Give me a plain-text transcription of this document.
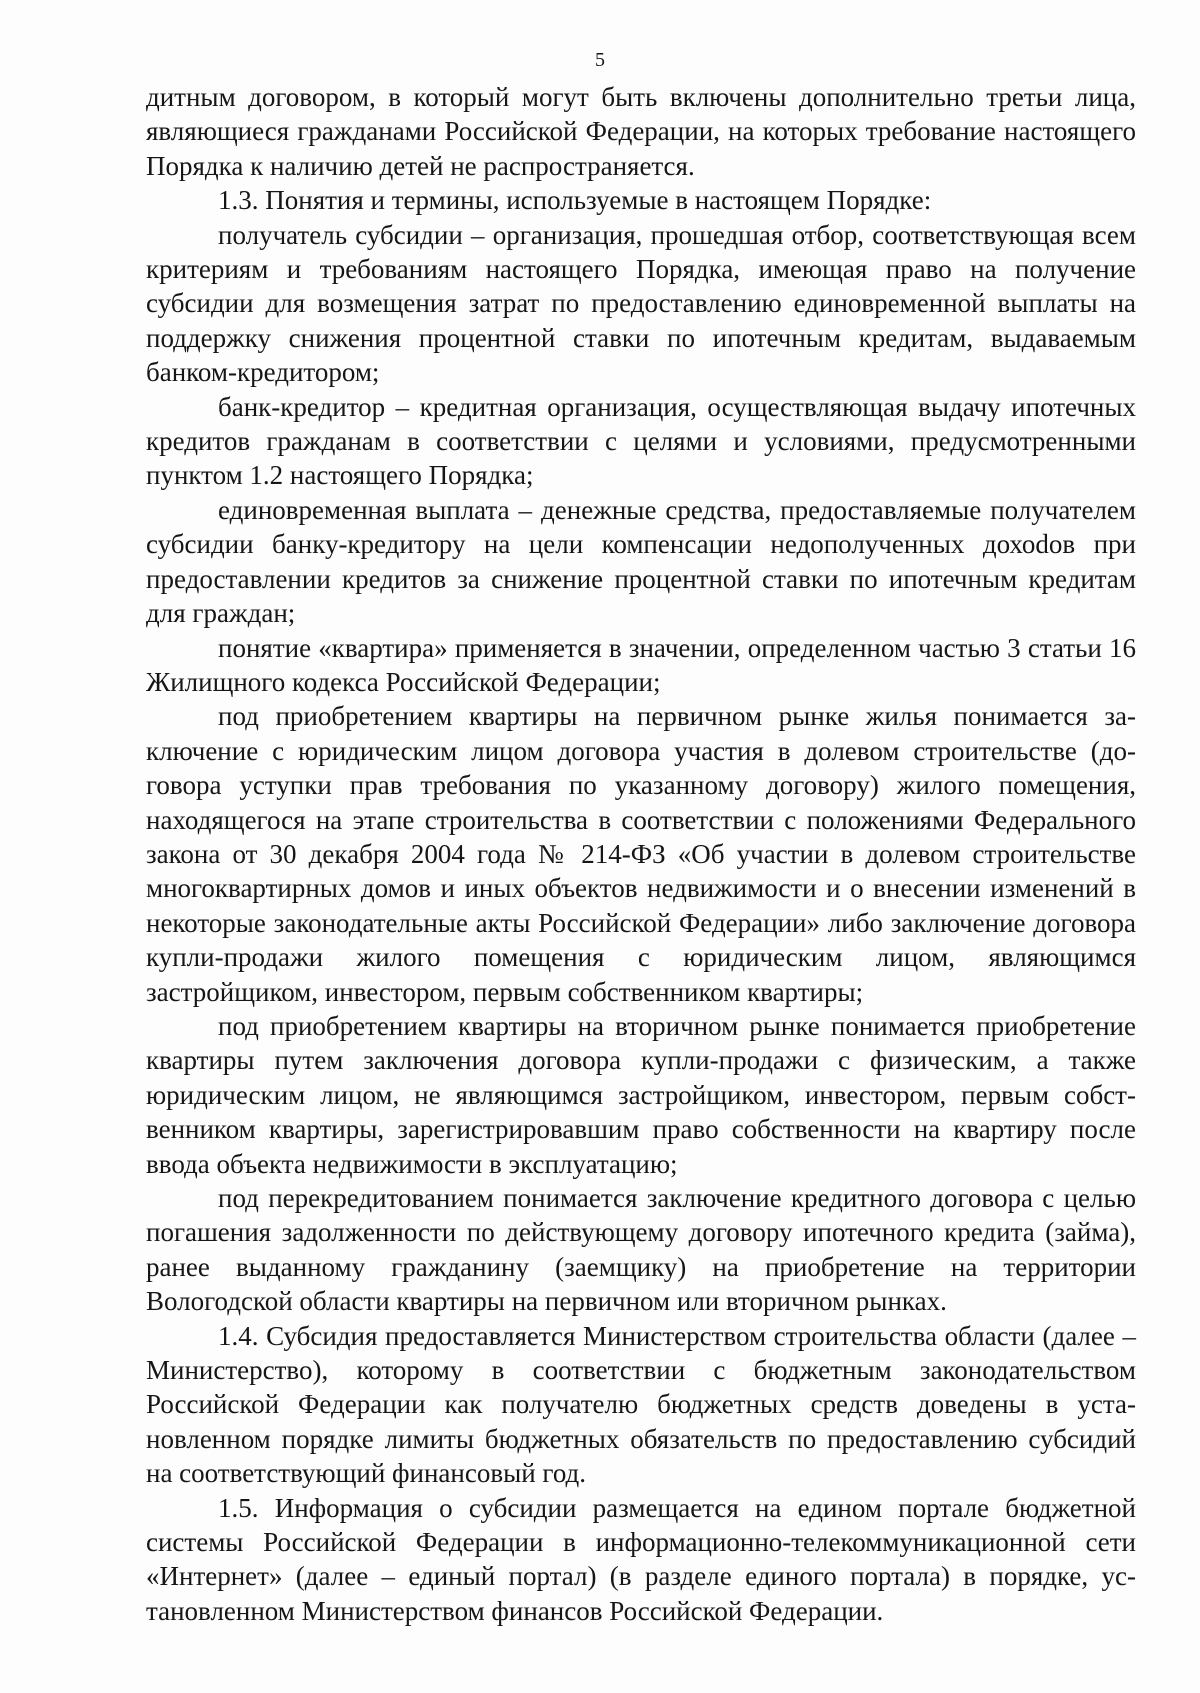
5

дитным договором, в который могут быть включены дополнительно третьи лица, являющиеся гражданами Российской Федерации, на которых требование настоящего Порядка к наличию детей не распространяется.

1.3. Понятия и термины, используемые в настоящем Порядке:

получатель субсидии – организация, прошедшая отбор, соответствующая всем критериям и требованиям настоящего Порядка, имеющая право на получение субсидии для возмещения затрат по предоставлению единовременной выплаты на поддержку снижения процентной ставки по ипотечным кредитам, выдаваемым банком-кредитором;

банк-кредитор – кредитная организация, осуществляющая выдачу ипотечных кредитов гражданам в соответствии с целями и условиями, предусмотренными пунктом 1.2 настоящего Порядка;

единовременная выплата – денежные средства, предоставляемые получателем субсидии банку-кредитору на цели компенсации недополученных дохоdов при предоставлении кредитов за снижение процентной ставки по ипотечным кредитам для граждан;

понятие «квартира» применяется в значении, определенном частью 3 статьи 16 Жилищного кодекса Российской Федерации;

под приобретением квартиры на первичном рынке жилья понимается заключение с юридическим лицом договора участия в долевом строительстве (договора уступки прав требования по указанному договору) жилого помещения, находящегося на этапе строительства в соответствии с положениями Федерального закона от 30 декабря 2004 года № 214-ФЗ «Об участии в долевом строительстве многоквартирных домов и иных объектов недвижимости и о внесении изменений в некоторые законодательные акты Российской Федерации» либо заключение договора купли-продажи жилого помещения с юридическим лицом, являющимся застройщиком, инвестором, первым собственником квартиры;

под приобретением квартиры на вторичном рынке понимается приобретение квартиры путем заключения договора купли-продажи с физическим, а также юридическим лицом, не являющимся застройщиком, инвестором, первым собственником квартиры, зарегистрировавшим право собственности на квартиру после ввода объекта недвижимости в эксплуатацию;

под перекредитованием понимается заключение кредитного договора с целью погашения задолженности по действующему договору ипотечного кредита (займа), ранее выданному гражданину (заемщику) на приобретение на территории Вологодской области квартиры на первичном или вторичном рынках.

1.4. Субсидия предоставляется Министерством строительства области (далее – Министерство), которому в соответствии с бюджетным законодательством Российской Федерации как получателю бюджетных средств доведены в установленном порядке лимиты бюджетных обязательств по предоставлению субсидий на соответствующий финансовый год.

1.5. Информация о субсидии размещается на едином портале бюджетной системы Российской Федерации в информационно-телекоммуникационной сети «Интернет» (далее – единый портал) (в разделе единого портала) в порядке, установленном Министерством финансов Российской Федерации.
